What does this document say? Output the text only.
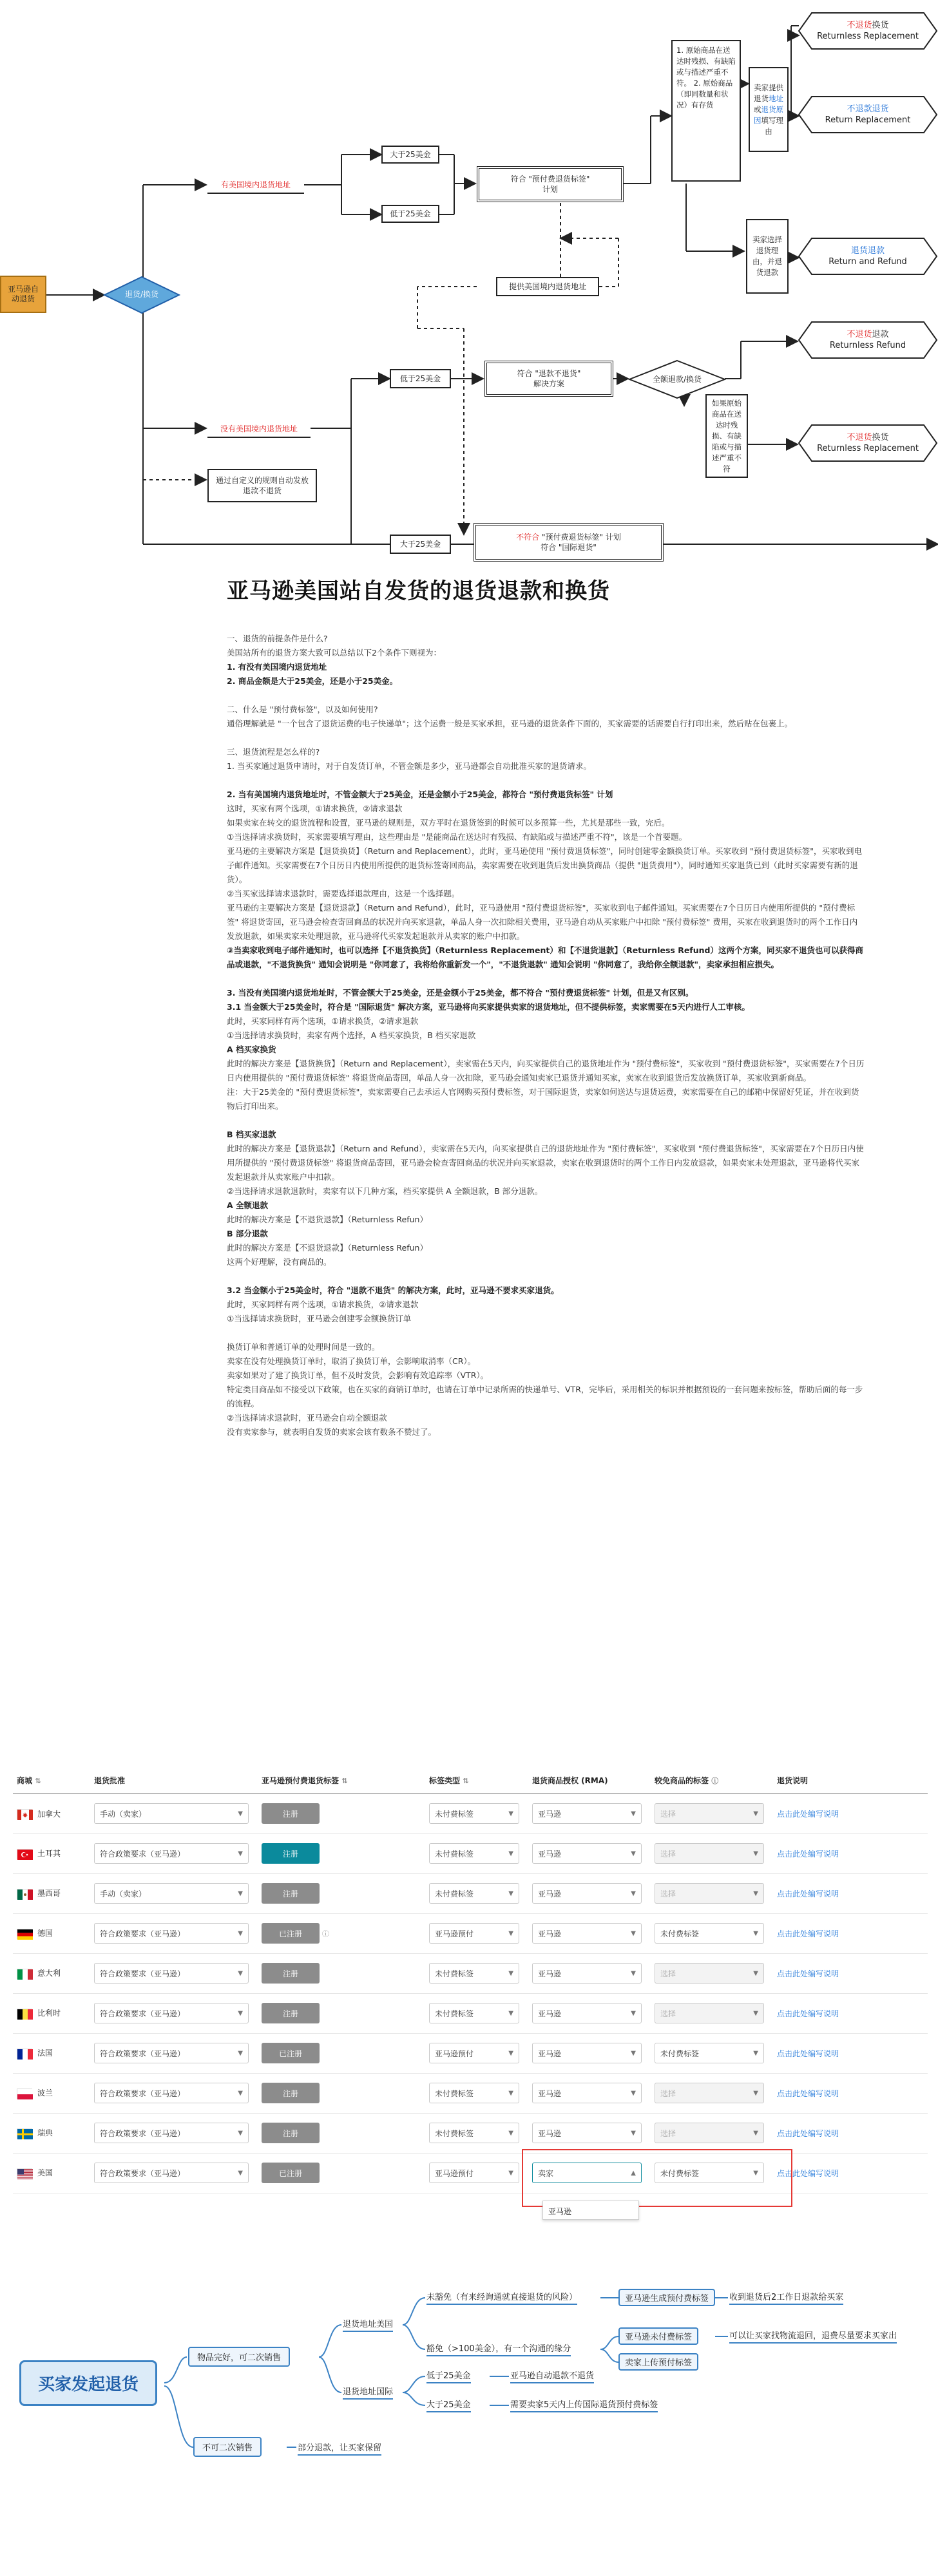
亚马逊自动退货	退货/换货
有美国境内退货地址
大于25美金
低于25美金
符合 "预付费退货标签"
计划
1. 原始商品在送达时残损、有缺陷或与描述严重不符。 2. 原始商品（即同数量和状况）有存货
卖家提供退货地址或退货原因填写理由
卖家选择退货理由，并退货退款
不退货换货
Returnless Replacement
不退款退货
Return Replacement
退货退款
Return and Refund
不退货退款
Returnless Refund
不退货换货
Returnless Replacement
提供美国境内退货地址
没有美国境内退货地址
通过自定义的规则自动发放退款不退货
低于25美金
符合 "退款不退货"
解决方案	全额退款/换货
如果原始商品在送达时残损、有缺陷或与描述严重不符
大于25美金
不符合 "预付费退货标签" 计划
符合 "国际退货"
亚马逊美国站自发货的退货退款和换货
一、退货的前提条件是什么?
美国站所有的退货方案大致可以总结以下2个条件下则视为：
1. 有没有美国境内退货地址
2. 商品金额是大于25美金，还是小于25美金。
二、什么是 "预付费标签"，以及如何使用?
通俗理解就是 "一个包含了退货运费的电子快递单"；这个运费一般是买家承担，亚马逊的退货条件下面的，买家需要的话需要自行打印出来，然后贴在包裹上。
三、退货流程是怎么样的?
1. 当买家通过退货申请时，对于自发货订单，不管金额是多少，亚马逊都会自动批准买家的退货请求。
2. 当有美国境内退货地址时，不管金额大于25美金，还是金额小于25美金，都符合 "预付费退货标签" 计划
这时，买家有两个选项，①请求换货，②请求退款
如果卖家在转交的退货流程和设置，亚马逊的规则是，双方平时在退货签到的时候可以多预算一些，尤其是那些一致，完后。
①当选择请求换货时，买家需要填写理由，这些理由是 "是能商品在送达时有残损、有缺陷或与描述严重不符"，该是一个首要题。
亚马逊的主要解决方案是【退货换货】（Return and Replacement），此时，亚马逊使用 "预付费退货标签"，同时创建零金额换货订单。买家收到 "预付费退货标签"，买家收到电子邮件通知。买家需要在7个日历日内使用所提供的退货标签寄回商品，卖家需要在收到退货后发出换货商品（提供 "退货费用"），同时通知买家退货已到（此时买家需要有新的退货）。
②当买家选择请求退款时，需要选择退款理由，这是一个选择题。
亚马逊的主要解决方案是【退货退款】（Return and Refund），此时，亚马逊使用 "预付费退货标签"，买家收到电子邮件通知。买家需要在7个日历日内使用所提供的 "预付费标签" 将退货寄回，亚马逊会检查寄回商品的状况并向买家退款，单品人身一次扣除相关费用，亚马逊自动从买家账户中扣除 "预付费标签" 费用，买家在收到退货时的两个工作日内发放退款，如果卖家未处理退款，亚马逊将代买家发起退款并从卖家的账户中扣款。
③当卖家收到电子邮件通知时，也可以选择【不退货换货】（Returnless Replacement）和【不退货退款】（Returnless Refund）这两个方案，同买家不退货也可以获得商品或退款，"不退货换货" 通知会说明是 "你同意了，我将给你重新发一个"，"不退货退款" 通知会说明 "你同意了，我给你全额退款"，卖家承担相应损失。
3. 当没有美国境内退货地址时，不管金额大于25美金，还是金额小于25美金，都不符合 "预付费退货标签" 计划，但是又有区别。
3.1 当金额大于25美金时，符合是 "国际退货" 解决方案，亚马逊将向买家提供卖家的退货地址，但不提供标签，卖家需要在5天内进行人工审核。
此时，买家同样有两个选项，①请求换货，②请求退款
①当选择请求换货时，卖家有两个选择，A 档买家换货，B 档买家退款
A 档买家换货
此时的解决方案是【退货换货】（Return and Replacement），卖家需在5天内，向买家提供自己的退货地址作为 "预付费标签"，买家收到 "预付费退货标签"，买家需要在7个日历日内使用提供的 "预付费退货标签" 将退货商品寄回，单品人身一次扣除，亚马逊会通知卖家已退货并通知买家，卖家在收到退货后发放换货订单，买家收到新商品。
注：大于25美金的 "预付费退货标签"，卖家需要自己去承运人官网购买预付费标签，对于国际退货，卖家如何送达与退货运费，卖家需要在自己的邮箱中保留好凭证，并在收到货物后打印出来。
B 档买家退款
此时的解决方案是【退货退款】（Return and Refund），卖家需在5天内，向买家提供自己的退货地址作为 "预付费标签"，买家收到 "预付费退货标签"，买家需要在7个日历日内使用所提供的 "预付费退货标签" 将退货商品寄回，亚马逊会检查寄回商品的状况并向买家退款，卖家在收到退货时的两个工作日内发放退款，如果卖家未处理退款，亚马逊将代买家发起退款并从卖家账户中扣款。
②当选择请求退款退款时，卖家有以下几种方案，档买家提供 A 全额退款，B 部分退款。
A 全额退款
此时的解决方案是【不退货退款】（Returnless Refun）
B 部分退款
此时的解决方案是【不退货退款】（Returnless Refun）
这两个好理解，没有商品的。
3.2 当金额小于25美金时，符合 "退款不退货" 的解决方案，此时，亚马逊不要求买家退货。
此时，买家同样有两个选项，①请求换货，②请求退款
①当选择请求换货时，亚马逊会创建零金额换货订单
换货订单和普通订单的处理时间是一致的。
卖家在没有处理换货订单时，取消了换货订单，会影响取消率（CR）。
卖家如果对了建了换货订单，但不及时发货，会影响有效追踪率（VTR）。
特定类目商品如不接受以下政策，也在买家的商销订单时，也请在订单中记录所需的快递单号、VTR，完毕后，采用相关的标识并根据预设的一套问题来按标签，帮助后面的每一步的流程。
②当选择请求退款时，亚马逊会自动全额退款
没有卖家参与，就表明自发货的卖家会该有数条不赞过了。
商城 ⇅	退货批准	亚马逊预付费退货标签 ⇅	标签类型 ⇅	退货商品授权 (RMA)	较免商品的标签 ⓘ	退货说明
加拿大	手动（卖家） ▼	注册	未付费标签 ▼	亚马逊 ▼	选择 ▼	点击此处编写说明
土耳其	符合政策要求（亚马逊） ▼	注册	未付费标签 ▼	亚马逊 ▼	选择 ▼	点击此处编写说明
墨西哥	手动（卖家） ▼	注册	未付费标签 ▼	亚马逊 ▼	选择 ▼	点击此处编写说明
德国	符合政策要求（亚马逊） ▼	已注册 ⓘ	亚马逊预付 ▼	亚马逊 ▼	未付费标签 ▼	点击此处编写说明
意大利	符合政策要求（亚马逊） ▼	注册	未付费标签 ▼	亚马逊 ▼	选择 ▼	点击此处编写说明
比利时	符合政策要求（亚马逊） ▼	注册	未付费标签 ▼	亚马逊 ▼	选择 ▼	点击此处编写说明
法国	符合政策要求（亚马逊） ▼	已注册	亚马逊预付 ▼	亚马逊 ▼	未付费标签 ▼	点击此处编写说明
波兰	符合政策要求（亚马逊） ▼	注册	未付费标签 ▼	亚马逊 ▼	选择 ▼	点击此处编写说明
瑞典	符合政策要求（亚马逊） ▼	注册	未付费标签 ▼	亚马逊 ▼	选择 ▼	点击此处编写说明
美国	符合政策要求（亚马逊） ▼	已注册	亚马逊预付 ▼	卖家 ▲	未付费标签 ▼	点击此处编写说明
亚马逊
买家发起退货
物品完好，可二次销售
不可二次销售	部分退款，让买家保留
退货地址美国
退货地址国际
未豁免（有来经询通就直接退货的风险）
豁免（>100美金），有一个沟通的缘分
亚马逊生成预付费标签	收到退货后2工作日退款给买家
亚马逊未付费标签	可以让买家找物流退回，退费尽量要求买家出
卖家上传预付标签
低于25美金
大于25美金
亚马逊自动退款不退货
需要卖家5天内上传国际退货预付费标签
